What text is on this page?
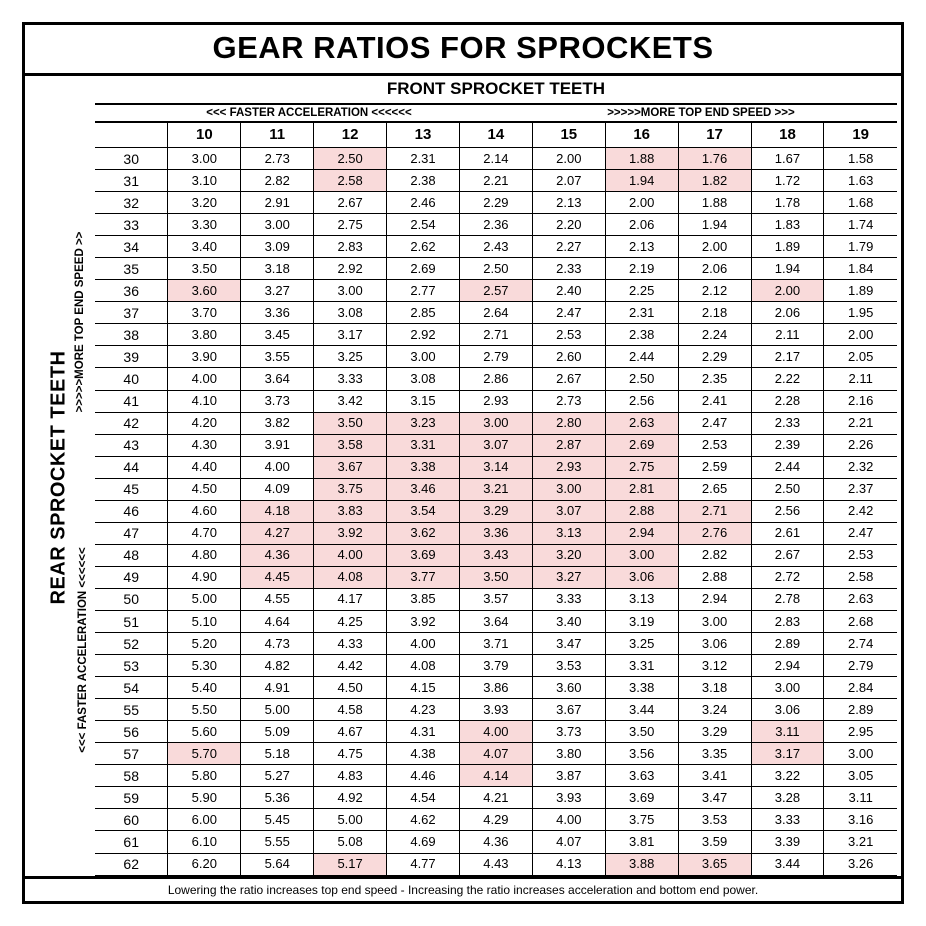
GEAR RATIOS FOR SPROCKETS
REAR SPROCKET TEETH
>>>>>MORE TOP END SPEED >>
<<< FASTER ACCELERATION <<<<<<
FRONT SPROCKET TEETH
<<< FASTER ACCELERATION <<<<<<	>>>>>MORE TOP END SPEED >>>
	10	11	12	13	14	15	16	17	18	19
30	3.00	2.73	2.50	2.31	2.14	2.00	1.88	1.76	1.67	1.58
31	3.10	2.82	2.58	2.38	2.21	2.07	1.94	1.82	1.72	1.63
32	3.20	2.91	2.67	2.46	2.29	2.13	2.00	1.88	1.78	1.68
33	3.30	3.00	2.75	2.54	2.36	2.20	2.06	1.94	1.83	1.74
34	3.40	3.09	2.83	2.62	2.43	2.27	2.13	2.00	1.89	1.79
35	3.50	3.18	2.92	2.69	2.50	2.33	2.19	2.06	1.94	1.84
36	3.60	3.27	3.00	2.77	2.57	2.40	2.25	2.12	2.00	1.89
37	3.70	3.36	3.08	2.85	2.64	2.47	2.31	2.18	2.06	1.95
38	3.80	3.45	3.17	2.92	2.71	2.53	2.38	2.24	2.11	2.00
39	3.90	3.55	3.25	3.00	2.79	2.60	2.44	2.29	2.17	2.05
40	4.00	3.64	3.33	3.08	2.86	2.67	2.50	2.35	2.22	2.11
41	4.10	3.73	3.42	3.15	2.93	2.73	2.56	2.41	2.28	2.16
42	4.20	3.82	3.50	3.23	3.00	2.80	2.63	2.47	2.33	2.21
43	4.30	3.91	3.58	3.31	3.07	2.87	2.69	2.53	2.39	2.26
44	4.40	4.00	3.67	3.38	3.14	2.93	2.75	2.59	2.44	2.32
45	4.50	4.09	3.75	3.46	3.21	3.00	2.81	2.65	2.50	2.37
46	4.60	4.18	3.83	3.54	3.29	3.07	2.88	2.71	2.56	2.42
47	4.70	4.27	3.92	3.62	3.36	3.13	2.94	2.76	2.61	2.47
48	4.80	4.36	4.00	3.69	3.43	3.20	3.00	2.82	2.67	2.53
49	4.90	4.45	4.08	3.77	3.50	3.27	3.06	2.88	2.72	2.58
50	5.00	4.55	4.17	3.85	3.57	3.33	3.13	2.94	2.78	2.63
51	5.10	4.64	4.25	3.92	3.64	3.40	3.19	3.00	2.83	2.68
52	5.20	4.73	4.33	4.00	3.71	3.47	3.25	3.06	2.89	2.74
53	5.30	4.82	4.42	4.08	3.79	3.53	3.31	3.12	2.94	2.79
54	5.40	4.91	4.50	4.15	3.86	3.60	3.38	3.18	3.00	2.84
55	5.50	5.00	4.58	4.23	3.93	3.67	3.44	3.24	3.06	2.89
56	5.60	5.09	4.67	4.31	4.00	3.73	3.50	3.29	3.11	2.95
57	5.70	5.18	4.75	4.38	4.07	3.80	3.56	3.35	3.17	3.00
58	5.80	5.27	4.83	4.46	4.14	3.87	3.63	3.41	3.22	3.05
59	5.90	5.36	4.92	4.54	4.21	3.93	3.69	3.47	3.28	3.11
60	6.00	5.45	5.00	4.62	4.29	4.00	3.75	3.53	3.33	3.16
61	6.10	5.55	5.08	4.69	4.36	4.07	3.81	3.59	3.39	3.21
62	6.20	5.64	5.17	4.77	4.43	4.13	3.88	3.65	3.44	3.26
Lowering the ratio increases top end speed - Increasing the ratio increases acceleration and bottom end power.
